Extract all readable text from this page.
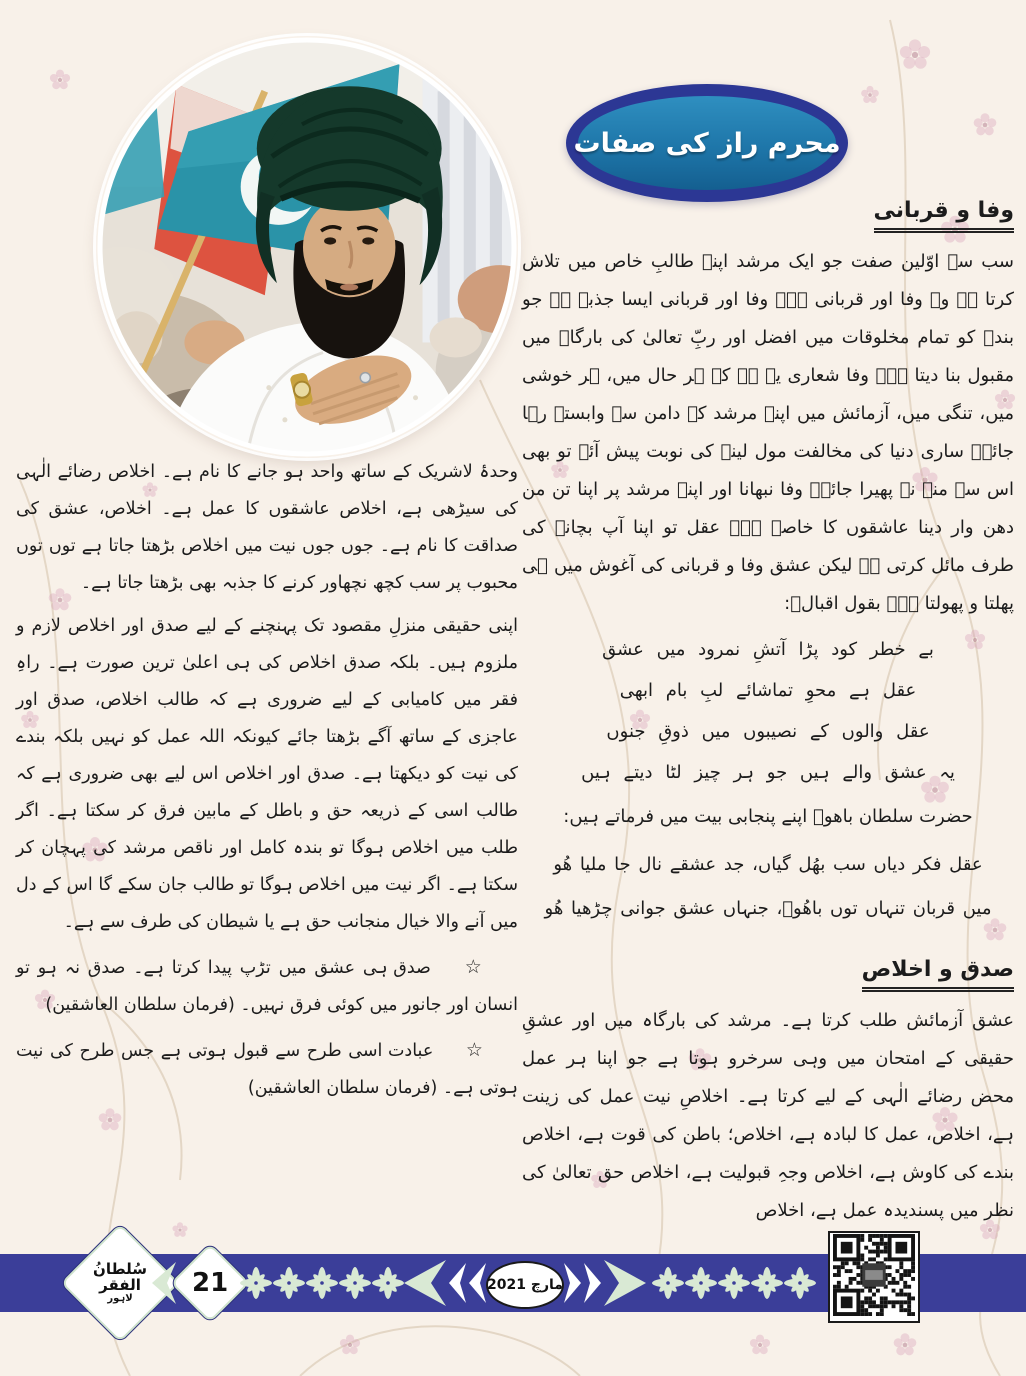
محرم راز کی صفات
وفا و قربانی

سب سے اوّلین صفت جو ایک مرشد اپنے طالبِ خاص میں تلاش کرتا ہے وہ وفا اور قربانی ہے۔ وفا اور قربانی ایسا جذبہ ہے جو بندے کو تمام مخلوقات میں افضل اور ربِّ تعالیٰ کی بارگاہ میں مقبول بنا دیتا ہے۔ وفا شعاری یہ ہے کہ ہر حال میں، ہر خوشی میں، تنگی میں، آزمائش میں اپنے مرشد کے دامن سے وابستہ رہا جائے۔ ساری دنیا کی مخالفت مول لینے کی نوبت پیش آئے تو بھی اس سے منہ نہ پھیرا جائے۔ وفا نبھانا اور اپنے مرشد پر اپنا تن من دھن وار دینا عاشقوں کا خاصہ ہے۔ عقل تو اپنا آپ بچانے کی طرف مائل کرتی ہے لیکن عشق وفا و قربانی کی آغوش میں ہی پھلتا و پھولتا ہے۔ بقول اقبالؒ:

بے خطر کود پڑا آتشِ نمرود میں عشق
عقل ہے محوِ تماشائے لبِ بام ابھی
عقل والوں کے نصیبوں میں ذوقِ جنوں
یہ عشق والے ہیں جو ہر چیز لٹا دیتے ہیں

حضرت سلطان باھوؒ اپنے پنجابی بیت میں فرماتے ہیں:

عقل فکر دیاں سب بھُل گیاں، جد عشقے نال جا ملیا ھُو
میں قربان تنہاں توں باھُوؒ، جنہاں عشق جوانی چڑھیا ھُو
صدق و اخلاص

عشق آزمائش طلب کرتا ہے۔ مرشد کی بارگاہ میں اور عشقِ حقیقی کے امتحان میں وہی سرخرو ہوتا ہے جو اپنا ہر عمل محض رضائے الٰہی کے لیے کرتا ہے۔ اخلاصِ نیت عمل کی زینت ہے، اخلاص، عمل کا لبادہ ہے، اخلاص؛ باطن کی قوت ہے، اخلاص بندے کی کاوش ہے، اخلاص وجہِ قبولیت ہے، اخلاص حق تعالیٰ کی نظر میں پسندیدہ عمل ہے، اخلاص

وحدۂ لاشریک کے ساتھ واحد ہو جانے کا نام ہے۔ اخلاص رضائے الٰہی کی سیڑھی ہے، اخلاص عاشقوں کا عمل ہے۔ اخلاص، عشق کی صداقت کا نام ہے۔ جوں جوں نیت میں اخلاص بڑھتا جاتا ہے توں توں محبوب پر سب کچھ نچھاور کرنے کا جذبہ بھی بڑھتا جاتا ہے۔

اپنی حقیقی منزلِ مقصود تک پہنچنے کے لیے صدق اور اخلاص لازم و ملزوم ہیں۔ بلکہ صدق اخلاص کی ہی اعلیٰ ترین صورت ہے۔ راہِ فقر میں کامیابی کے لیے ضروری ہے کہ طالب اخلاص، صدق اور عاجزی کے ساتھ آگے بڑھتا جائے کیونکہ اللہ عمل کو نہیں بلکہ بندے کی نیت کو دیکھتا ہے۔ صدق اور اخلاص اس لیے بھی ضروری ہے کہ طالب اسی کے ذریعہ حق و باطل کے مابین فرق کر سکتا ہے۔ اگر طلب میں اخلاص ہوگا تو بندہ کامل اور ناقص مرشد کی پہچان کر سکتا ہے۔ اگر نیت میں اخلاص ہوگا تو طالب جان سکے گا اس کے دل میں آنے والا خیال منجانب حق ہے یا شیطان کی طرف سے ہے۔

☆ صدق ہی عشق میں تڑپ پیدا کرتا ہے۔ صدق نہ ہو تو انسان اور جانور میں کوئی فرق نہیں۔ (فرمان سلطان العاشقین)

☆ عبادت اسی طرح سے قبول ہوتی ہے جس طرح کی نیت ہوتی ہے۔ (فرمان سلطان العاشقین)

سُلطانُ الفقر
لاہور	21	مارچ 2021
